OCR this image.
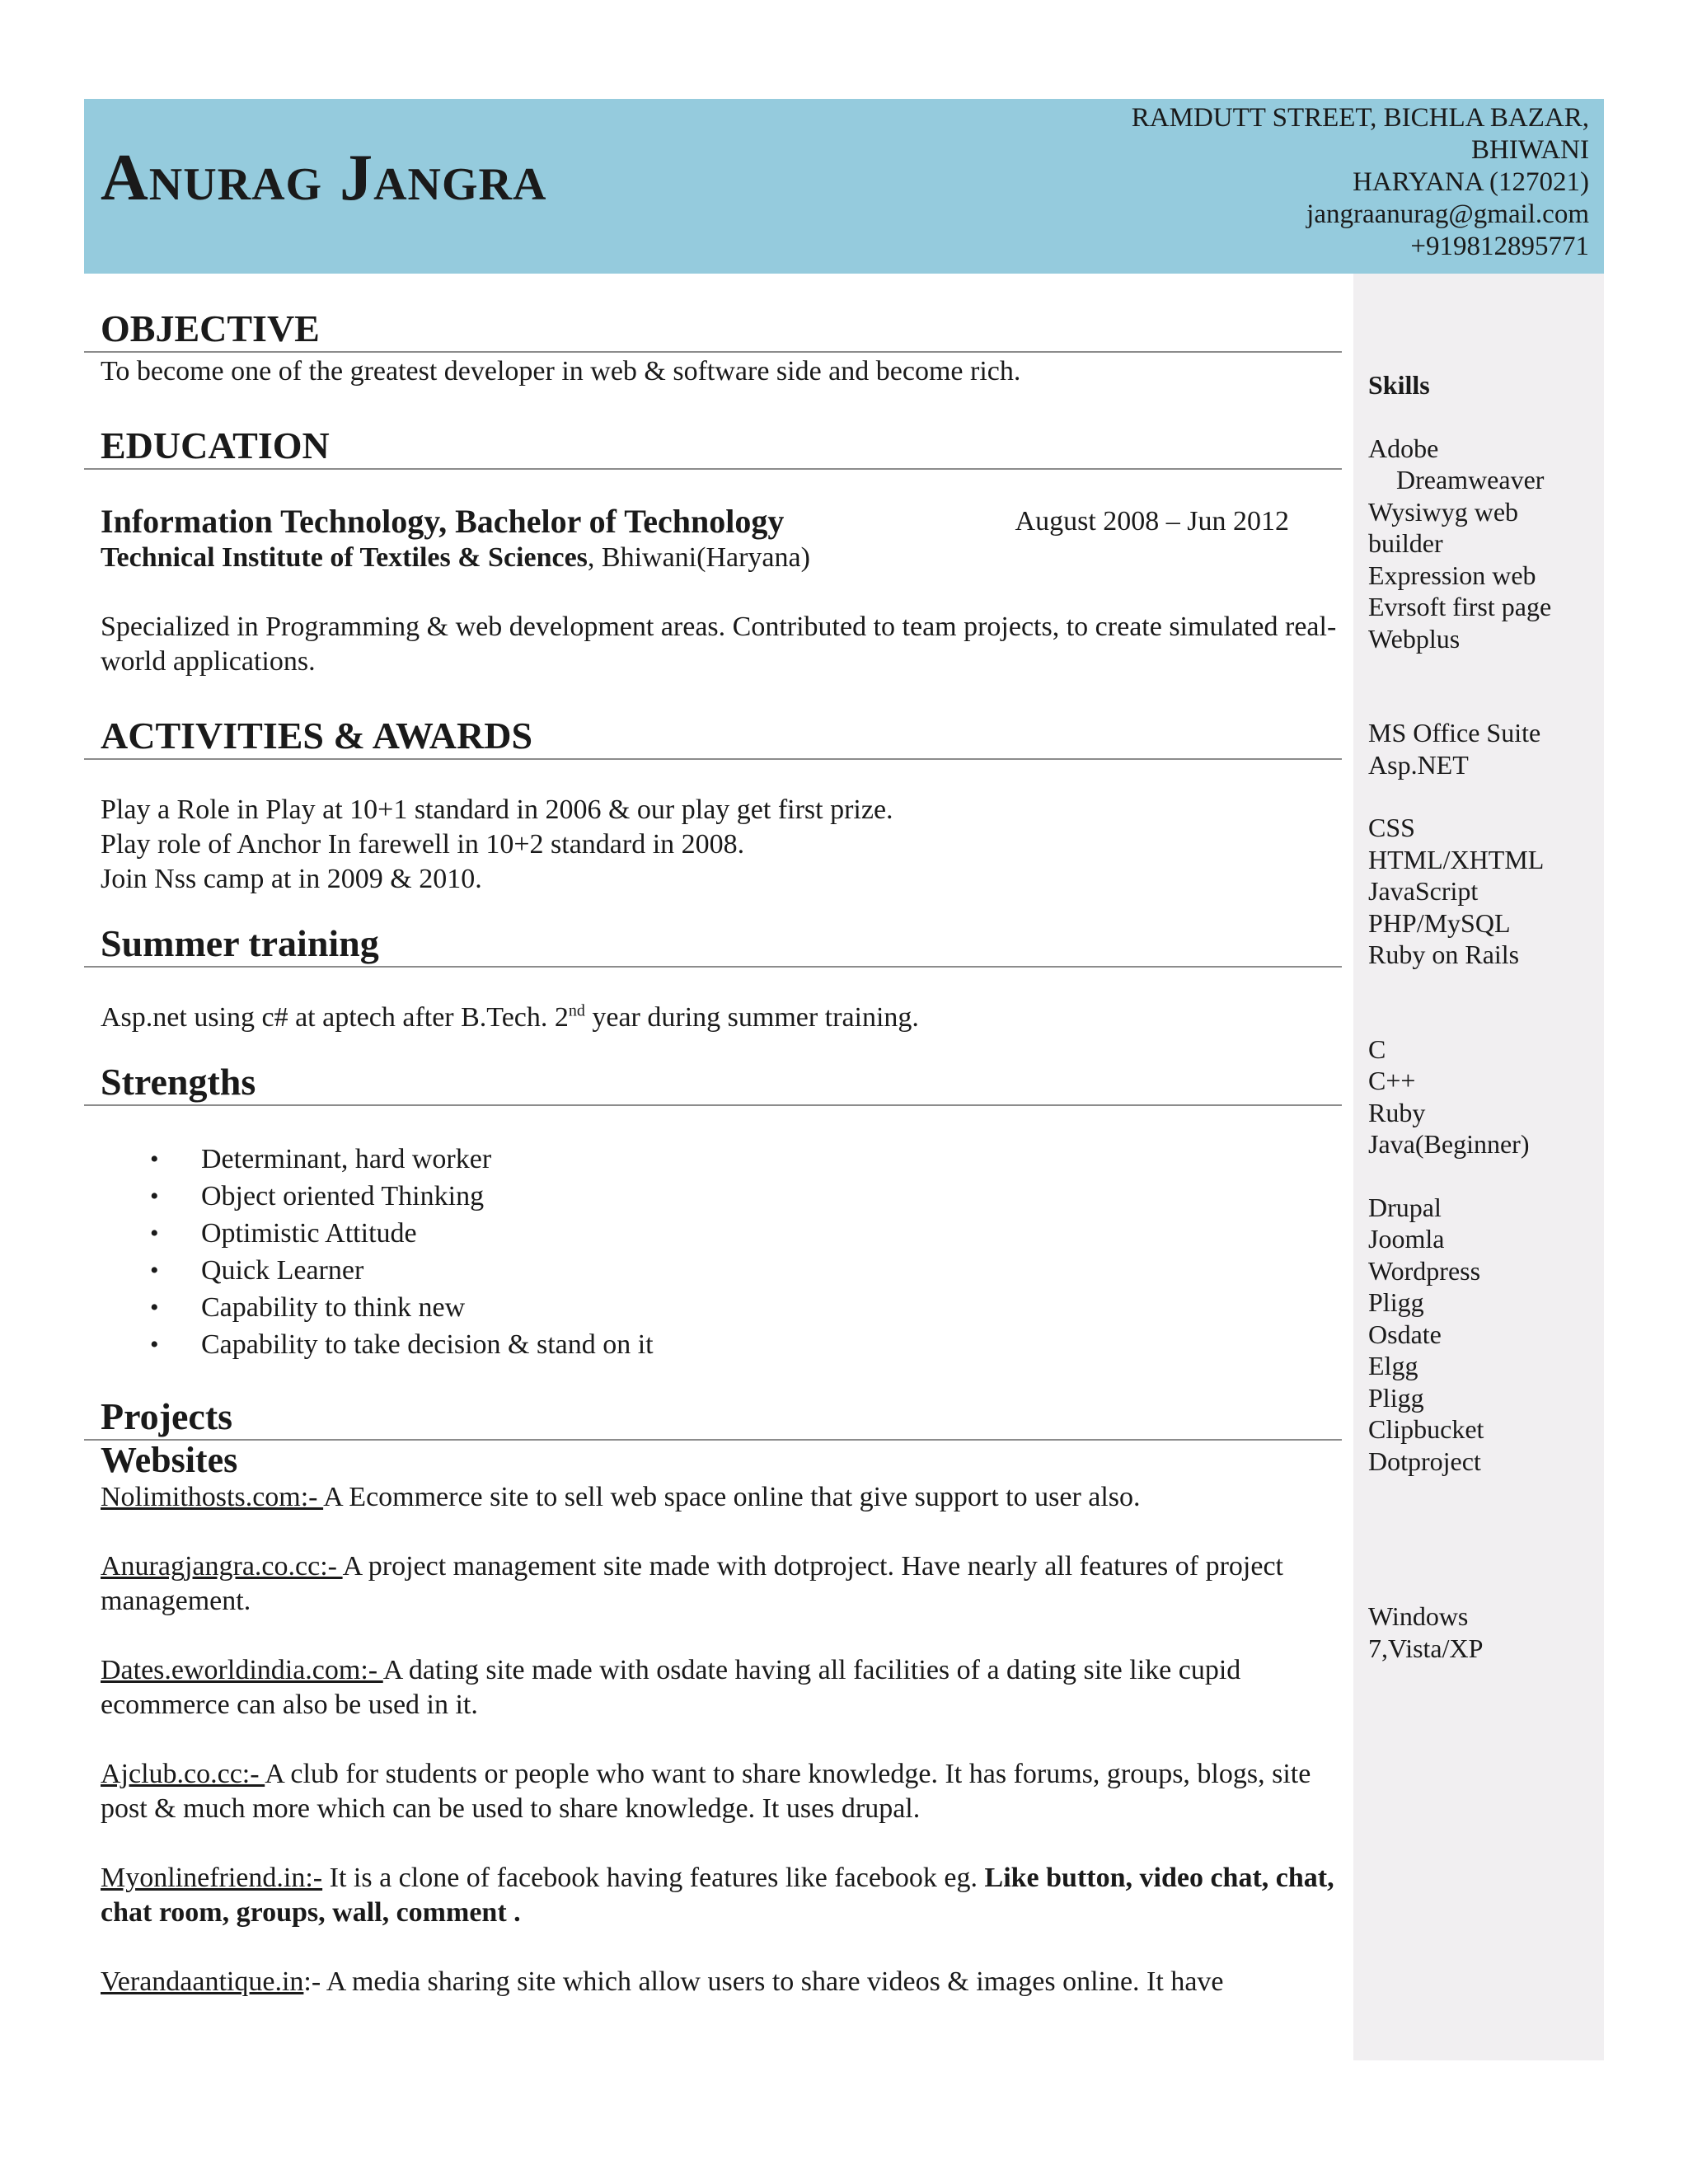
Anurag Jangra
RAMDUTT STREET, BICHLA BAZAR,
BHIWANI
HARYANA (127021)
jangraanurag@gmail.com
+919812895771
Skills
Adobe
Dreamweaver
Wysiwyg web
builder
Expression web
Evrsoft first page
Webplus
MS Office Suite
Asp.NET
CSS
HTML/XHTML
JavaScript
PHP/MySQL
Ruby on Rails
C
C++
Ruby
Java(Beginner)
Drupal
Joomla
Wordpress
Pligg
Osdate
Elgg
Pligg
Clipbucket
Dotproject
Windows
7,Vista/XP
OBJECTIVE

To become one of the greatest developer in web & software side and become rich.

EDUCATION
Information Technology, Bachelor of Technology	August 2008 – Jun 2012

Technical Institute of Textiles & Sciences, Bhiwani(Haryana)

Specialized in Programming & web development areas. Contributed to team projects, to create simulated real-world applications.

ACTIVITIES & AWARDS

Play a Role in Play at 10+1 standard in 2006 & our play get first prize.

Play role of Anchor In farewell in 10+2 standard in 2008.

Join Nss camp at in 2009 & 2010.

Summer training

Asp.net using c# at aptech after B.Tech. 2nd year during summer training.

Strengths
• Determinant, hard worker
• Object oriented Thinking
• Optimistic Attitude
• Quick Learner
• Capability to think new
• Capability to take decision & stand on it
Projects
Websites

Nolimithosts.com:- A Ecommerce site to sell web space online that give support to user also.

Anuragjangra.co.cc:- A project management site made with dotproject. Have nearly all features of project management.

Dates.eworldindia.com:- A dating site made with osdate having all facilities of a dating site like cupid ecommerce can also be used in it.

Ajclub.co.cc:- A club for students or people who want to share knowledge. It has forums, groups, blogs, site post & much more which can be used to share knowledge. It uses drupal.

Myonlinefriend.in:- It is a clone of facebook having features like facebook eg. Like button, video chat, chat, chat room, groups, wall, comment .

Verandaantique.in:- A media sharing site which allow users to share videos & images online. It have
